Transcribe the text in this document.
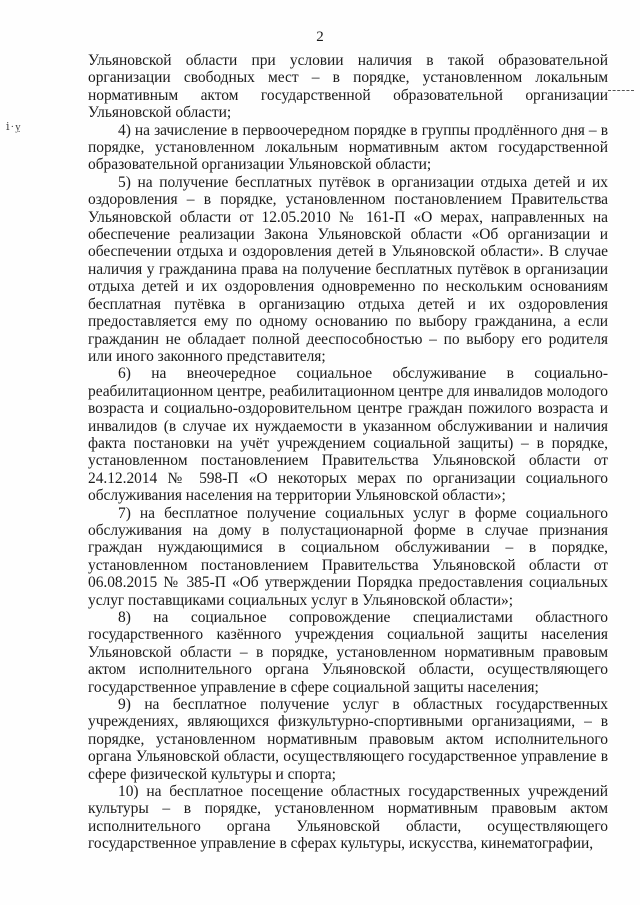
2
ⅰ·ỵ

Ульяновской области при условии наличия в такой образовательной организации свободных мест – в порядке, установленном локальным нормативным актом государственной образовательной организации Ульяновской области;

4) на зачисление в первоочередном порядке в группы продлённого дня – в порядке, установленном локальным нормативным актом государственной образовательной организации Ульяновской области;

5) на получение бесплатных путёвок в организации отдыха детей и их оздоровления – в порядке, установленном постановлением Правительства Ульяновской области от 12.05.2010 № 161-П «О мерах, направленных на обеспечение реализации Закона Ульяновской области «Об организации и обеспечении отдыха и оздоровления детей в Ульяновской области». В случае наличия у гражданина права на получение бесплатных путёвок в организации отдыха детей и их оздоровления одновременно по нескольким основаниям бесплатная путёвка в организацию отдыха детей и их оздоровления предоставляется ему по одному основанию по выбору гражданина, а если гражданин не обладает полной дееспособностью – по выбору его родителя или иного законного представителя;

6) на внеочередное социальное обслуживание в социально-реабилитационном центре, реабилитационном центре для инвалидов молодого возраста и социально-оздоровительном центре граждан пожилого возраста и инвалидов (в случае их нуждаемости в указанном обслуживании и наличия факта постановки на учёт учреждением социальной защиты) – в порядке, установленном постановлением Правительства Ульяновской области от 24.12.2014 № 598-П «О некоторых мерах по организации социального обслуживания населения на территории Ульяновской области»;

7) на бесплатное получение социальных услуг в форме социального обслуживания на дому в полустационарной форме в случае признания граждан нуждающимися в социальном обслуживании – в порядке, установленном постановлением Правительства Ульяновской области от 06.08.2015 № 385-П «Об утверждении Порядка предоставления социальных услуг поставщиками социальных услуг в Ульяновской области»;

8) на социальное сопровождение специалистами областного государственного казённого учреждения социальной защиты населения Ульяновской области – в порядке, установленном нормативным правовым актом исполнительного органа Ульяновской области, осуществляющего государственное управление в сфере социальной защиты населения;

9) на бесплатное получение услуг в областных государственных учреждениях, являющихся физкультурно-спортивными организациями, – в порядке, установленном нормативным правовым актом исполнительного органа Ульяновской области, осуществляющего государственное управление в сфере физической культуры и спорта;

10) на бесплатное посещение областных государственных учреждений культуры – в порядке, установленном нормативным правовым актом исполнительного органа Ульяновской области, осуществляющего государственное управление в сферах культуры, искусства, кинематографии,
